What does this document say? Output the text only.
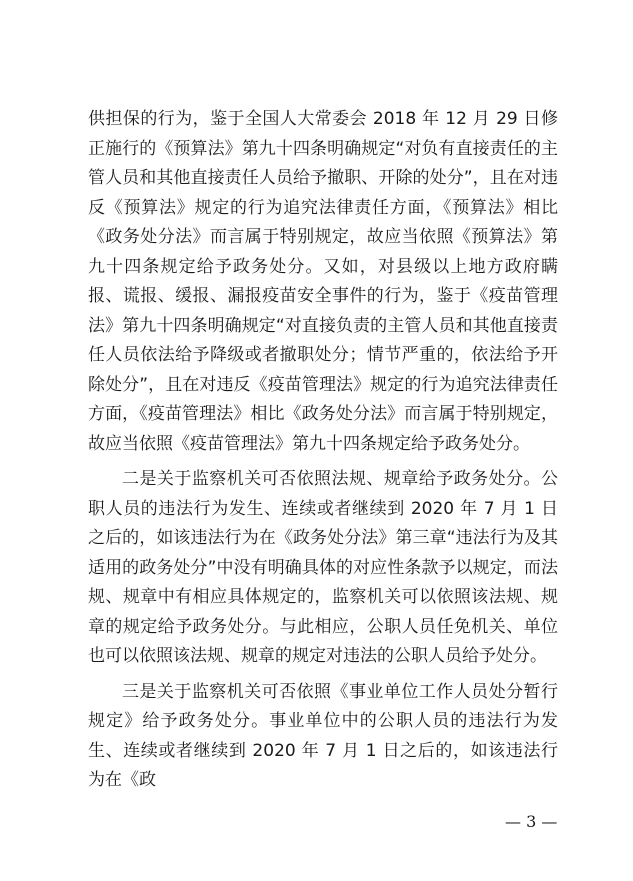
供担保的行为，鉴于全国人大常委会 2018 年 12 月 29 日修正施行的《预算法》第九十四条明确规定“对负有直接责任的主管人员和其他直接责任人员给予撤职、开除的处分”，且在对违反《预算法》规定的行为追究法律责任方面，《预算法》相比《政务处分法》而言属于特别规定，故应当依照《预算法》第九十四条规定给予政务处分。又如，对县级以上地方政府瞒报、谎报、缓报、漏报疫苗安全事件的行为，鉴于《疫苗管理法》第九十四条明确规定“对直接负责的主管人员和其他直接责任人员依法给予降级或者撤职处分；情节严重的，依法给予开除处分”，且在对违反《疫苗管理法》规定的行为追究法律责任方面，《疫苗管理法》相比《政务处分法》而言属于特别规定，故应当依照《疫苗管理法》第九十四条规定给予政务处分。

二是关于监察机关可否依照法规、规章给予政务处分。公职人员的违法行为发生、连续或者继续到 2020 年 7 月 1 日之后的，如该违法行为在《政务处分法》第三章“违法行为及其适用的政务处分”中没有明确具体的对应性条款予以规定，而法规、规章中有相应具体规定的，监察机关可以依照该法规、规章的规定给予政务处分。与此相应，公职人员任免机关、单位也可以依照该法规、规章的规定对违法的公职人员给予处分。

三是关于监察机关可否依照《事业单位工作人员处分暂行规定》给予政务处分。事业单位中的公职人员的违法行为发生、连续或者继续到 2020 年 7 月 1 日之后的，如该违法行为在《政

— 3 —
